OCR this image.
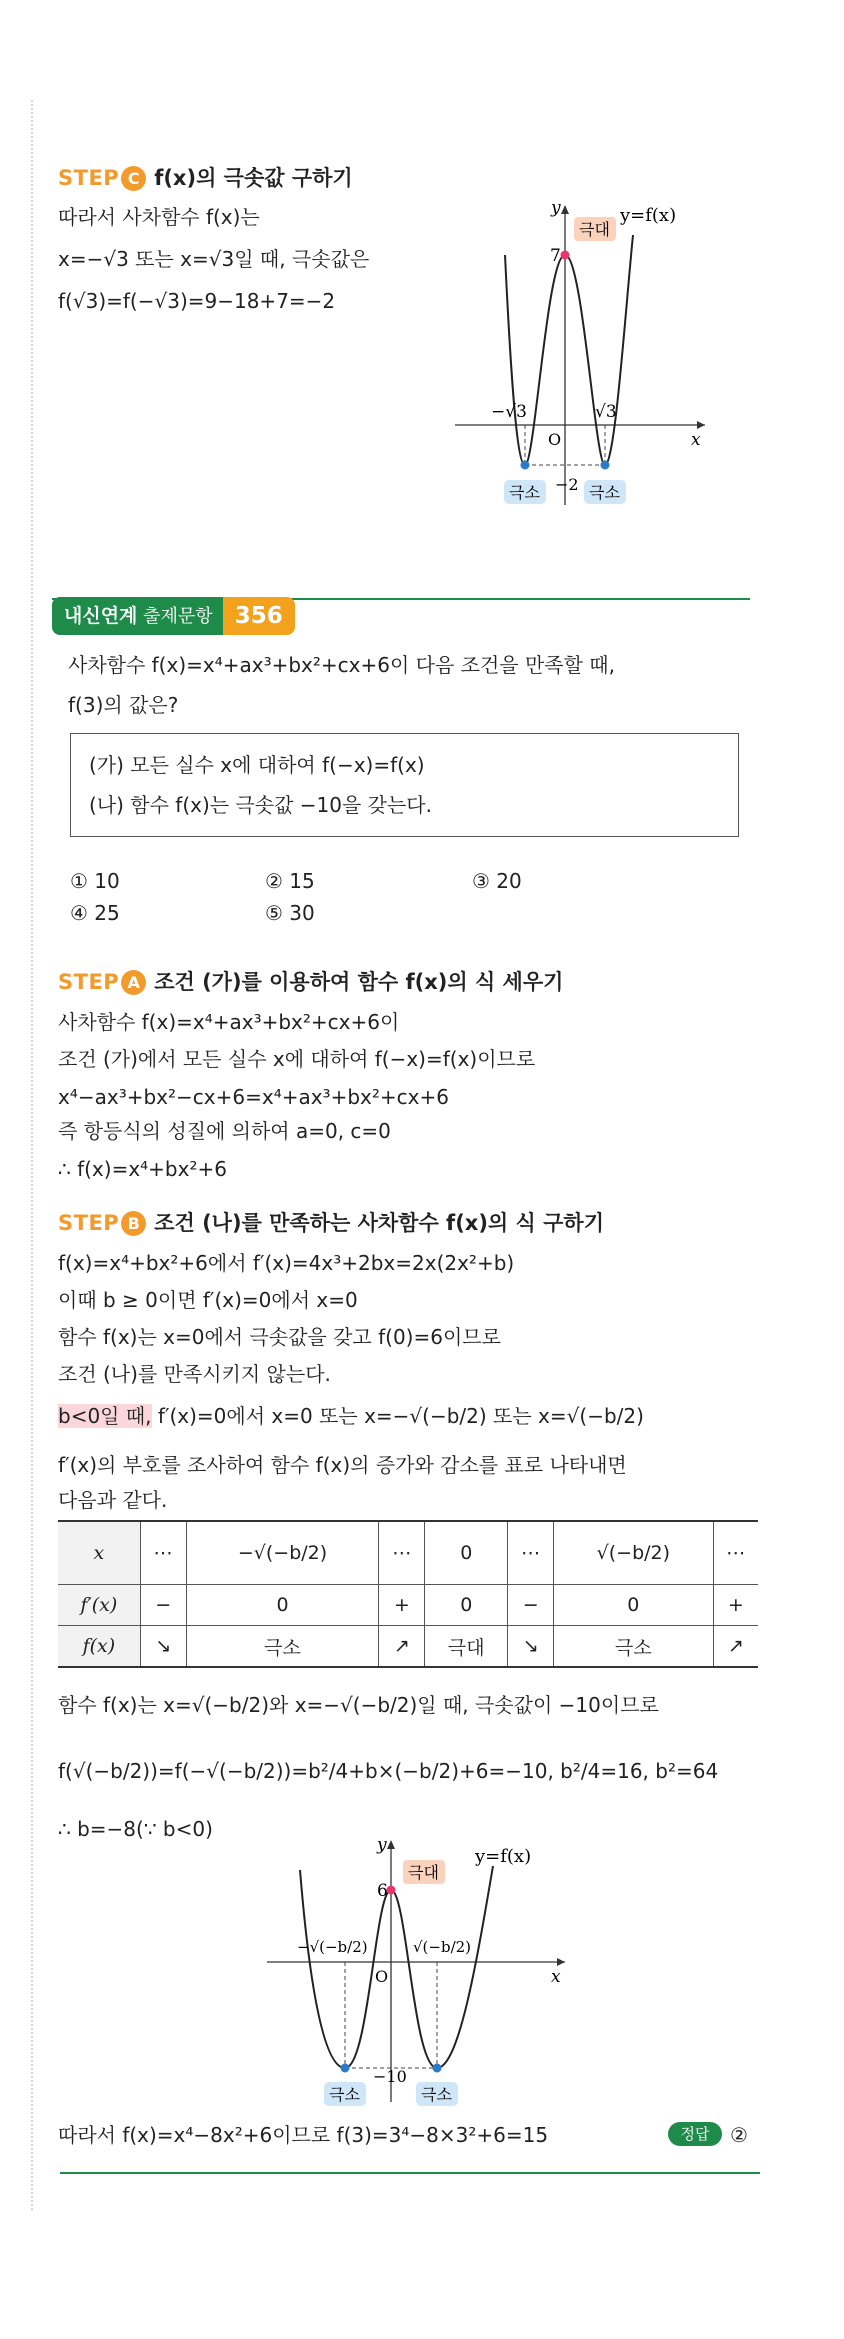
STEP C f(x)의 극솟값 구하기
따라서 사차함수 f(x)는
x=−√3 또는 x=√3일 때, 극솟값은
f(√3)=f(−√3)=9−18+7=−2
y
x
O
7
−2
−√3	√3
y=f(x)
극대
극소	극소
내신연계 출제문항 356
사차함수 f(x)=x⁴+ax³+bx²+cx+6이 다음 조건을 만족할 때,
f(3)의 값은?
(가) 모든 실수 x에 대하여 f(−x)=f(x)
(나) 함수 f(x)는 극솟값 −10을 갖는다.
① 10	② 15	③ 20
④ 25	⑤ 30
STEP A 조건 (가)를 이용하여 함수 f(x)의 식 세우기
사차함수 f(x)=x⁴+ax³+bx²+cx+6이
조건 (가)에서 모든 실수 x에 대하여 f(−x)=f(x)이므로
x⁴−ax³+bx²−cx+6=x⁴+ax³+bx²+cx+6
즉 항등식의 성질에 의하여 a=0, c=0
∴ f(x)=x⁴+bx²+6
STEP B 조건 (나)를 만족하는 사차함수 f(x)의 식 구하기
f(x)=x⁴+bx²+6에서 f′(x)=4x³+2bx=2x(2x²+b)
이때 b ≥ 0이면 f′(x)=0에서 x=0
함수 f(x)는 x=0에서 극솟값을 갖고 f(0)=6이므로
조건 (나)를 만족시키지 않는다.
b<0일 때, f′(x)=0에서 x=0 또는 x=−√(−b/2) 또는 x=√(−b/2)
f′(x)의 부호를 조사하여 함수 f(x)의 증가와 감소를 표로 나타내면
다음과 같다.
x	⋯	−√(−b/2)	⋯	0	⋯	√(−b/2)	⋯
f′(x)	−	0	+	0	−	0	+
f(x)	↘	극소	↗	극대	↘	극소	↗
함수 f(x)는 x=√(−b/2)와 x=−√(−b/2)일 때, 극솟값이 −10이므로
f(√(−b/2))=f(−√(−b/2))=b²/4+b×(−b/2)+6=−10, b²/4=16, b²=64
∴ b=−8(∵ b<0)
y
x
O
6
−10
−√(−b/2)	√(−b/2)
y=f(x)
극대
극소	극소
따라서 f(x)=x⁴−8x²+6이므로 f(3)=3⁴−8×3²+6=15	정답	②
